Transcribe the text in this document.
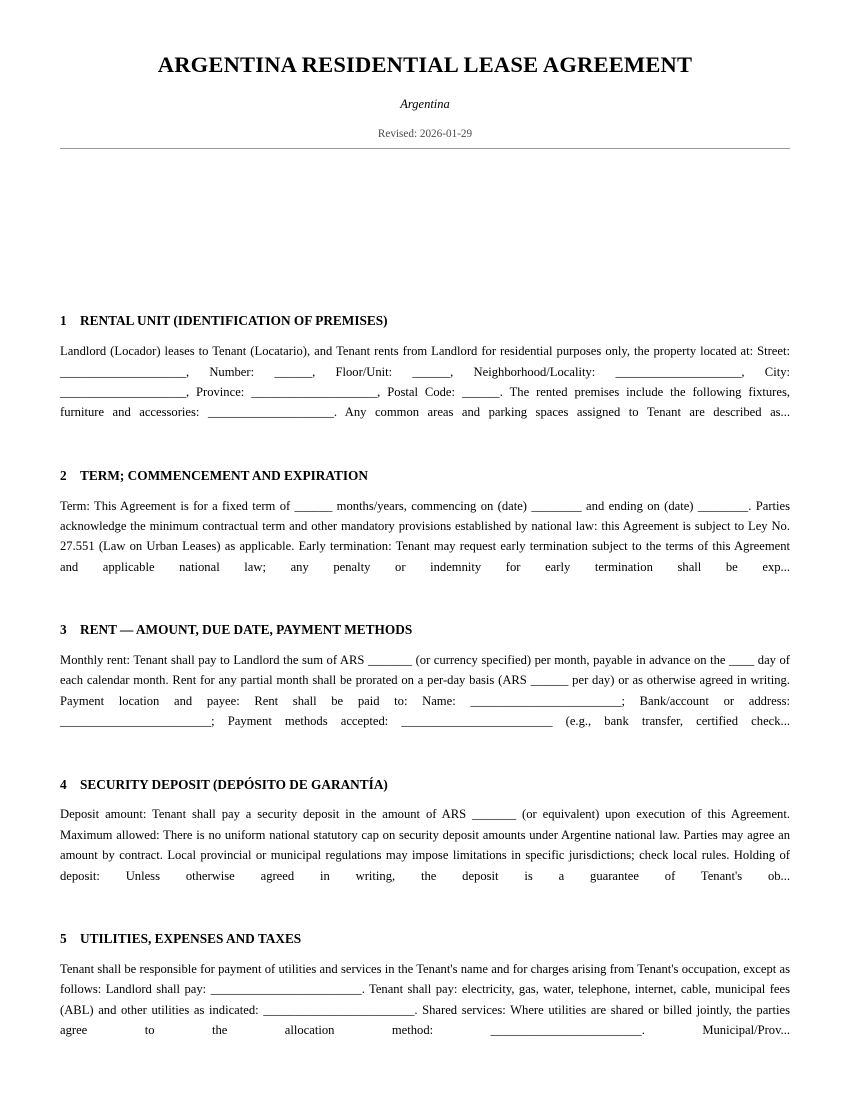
ARGENTINA RESIDENTIAL LEASE AGREEMENT
Argentina
Revised: 2026-01-29
1	RENTAL UNIT (IDENTIFICATION OF PREMISES)

Landlord (Locador) leases to Tenant (Locatario), and Tenant rents from Landlord for residential purposes only, the property located at: Street: ____________________, Number: ______, Floor/Unit: ______, Neighborhood/Locality: ____________________, City: ____________________, Province: ____________________, Postal Code: ______. The rented premises include the following fixtures, furniture and accessories: ____________________. Any common areas and parking spaces assigned to Tenant are described as...

2	TERM; COMMENCEMENT AND EXPIRATION

Term: This Agreement is for a fixed term of ______ months/years, commencing on (date) ________ and ending on (date) ________. Parties acknowledge the minimum contractual term and other mandatory provisions established by national law: this Agreement is subject to Ley No. 27.551 (Law on Urban Leases) as applicable. Early termination: Tenant may request early termination subject to the terms of this Agreement and applicable national law; any penalty or indemnity for early termination shall be exp...

3	RENT — AMOUNT, DUE DATE, PAYMENT METHODS

Monthly rent: Tenant shall pay to Landlord the sum of ARS _______ (or currency specified) per month, payable in advance on the ____ day of each calendar month. Rent for any partial month shall be prorated on a per-day basis (ARS ______ per day) or as otherwise agreed in writing. Payment location and payee: Rent shall be paid to: Name: ________________________; Bank/account or address: ________________________; Payment methods accepted: ________________________ (e.g., bank transfer, certified check...

4	SECURITY DEPOSIT (DEPÓSITO DE GARANTÍA)

Deposit amount: Tenant shall pay a security deposit in the amount of ARS _______ (or equivalent) upon execution of this Agreement. Maximum allowed: There is no uniform national statutory cap on security deposit amounts under Argentine national law. Parties may agree an amount by contract. Local provincial or municipal regulations may impose limitations in specific jurisdictions; check local rules. Holding of deposit: Unless otherwise agreed in writing, the deposit is a guarantee of Tenant's ob...

5	UTILITIES, EXPENSES AND TAXES

Tenant shall be responsible for payment of utilities and services in the Tenant's name and for charges arising from Tenant's occupation, except as follows: Landlord shall pay: ________________________. Tenant shall pay: electricity, gas, water, telephone, internet, cable, municipal fees (ABL) and other utilities as indicated: ________________________. Shared services: Where utilities are shared or billed jointly, the parties agree to the allocation method: ________________________. Municipal/Prov...
